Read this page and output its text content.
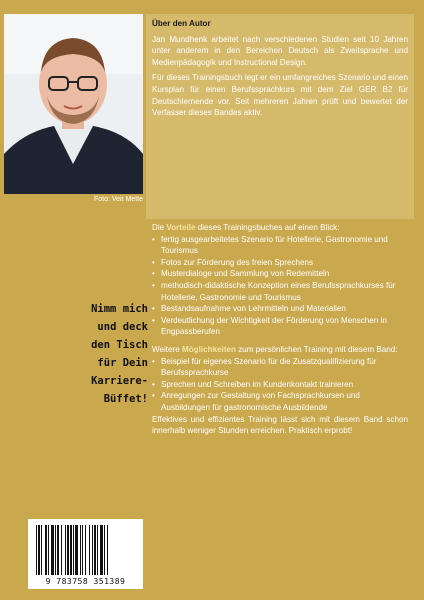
Foto: Veit Mette
Nimm mich
und deck
den Tisch
für Dein
Karriere-Büffet!
9 783758 351389
Über den Autor

Jan Mundhenk arbeitet nach verschiedenen Studien seit 10 Jahren unter anderem in den Bereichen Deutsch als Zweitsprache und Medienpädagogik und Instructional Design.

Für dieses Trainingsbuch legt er ein umfangreiches Szenario und einen Kursplan für einen Berufssprachkurs mit dem Ziel GER B2 für Deutschlernende vor. Seit mehreren Jahren prüft und bewertet der Verfasser dieses Bandes aktiv.

Die Vorteile dieses Trainingsbuches auf einen Blick:

• fertig ausgearbeitetes Szenario für Hotellerie, Gastronomie und Tourismus
• Fotos zur Förderung des freien Sprechens
• Musterdialoge und Sammlung von Redemitteln
• methodisch-didaktische Konzeption eines Berufssprachkurses für Hotellerie, Gastronomie und Tourismus
• Bestandsaufnahme von Lehrmitteln und Materialien
• Verdeutlichung der Wichtigkeit der Förderung von Menschen in Engpassberufen

Weitere Möglichkeiten zum persönlichen Training mit diesem Band:

• Beispiel für eigenes Szenario für die Zusatzqualifizierung für Berufssprachkurse
• Sprechen und Schreiben im Kundenkontakt trainieren
• Anregungen zur Gestaltung von Fachsprachkursen und Ausbildungen für gastronomische Ausbildende

Effektives und effizientes Training lässt sich mit diesem Band schon innerhalb weniger Stunden erreichen. Praktisch erprobt!
